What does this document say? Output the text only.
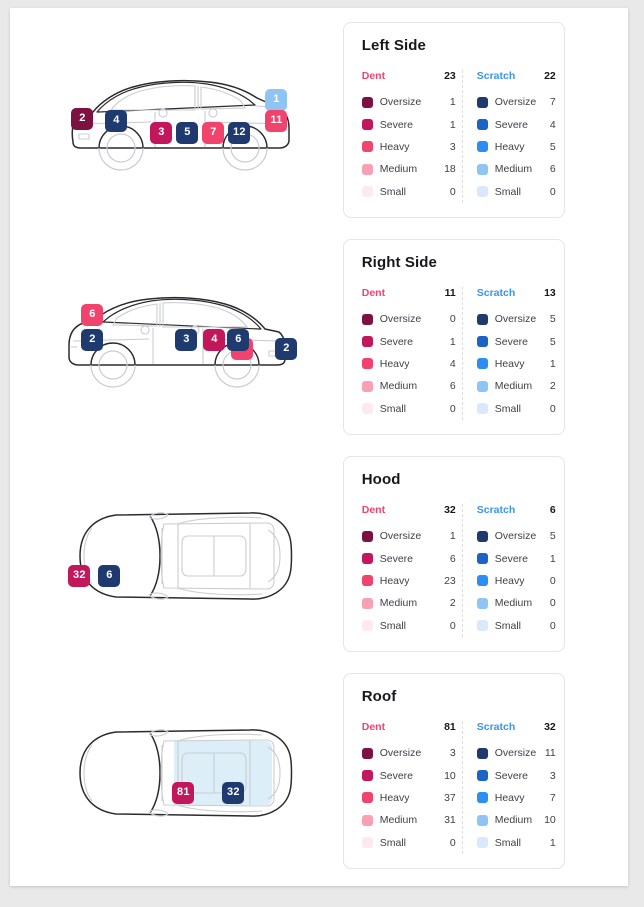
2	4
3	5	7	12
1
11
Left Side
Dent	23
Oversize	1
Severe	1
Heavy	3
Medium	18
Small	0
Scratch	22
Oversize	7
Severe	4
Heavy	5
Medium	6
Small	0
6
2	3	4	6
2
Right Side
Dent	11
Oversize	0
Severe	1
Heavy	4
Medium	6
Small	0
Scratch	13
Oversize	5
Severe	5
Heavy	1
Medium	2
Small	0
32	6
Hood
Dent	32
Oversize	1
Severe	6
Heavy	23
Medium	2
Small	0
Scratch	6
Oversize	5
Severe	1
Heavy	0
Medium	0
Small	0
81	32
Roof
Dent	81
Oversize	3
Severe	10
Heavy	37
Medium	31
Small	0
Scratch	32
Oversize 11
Severe	3
Heavy	7
Medium	10
Small	1
